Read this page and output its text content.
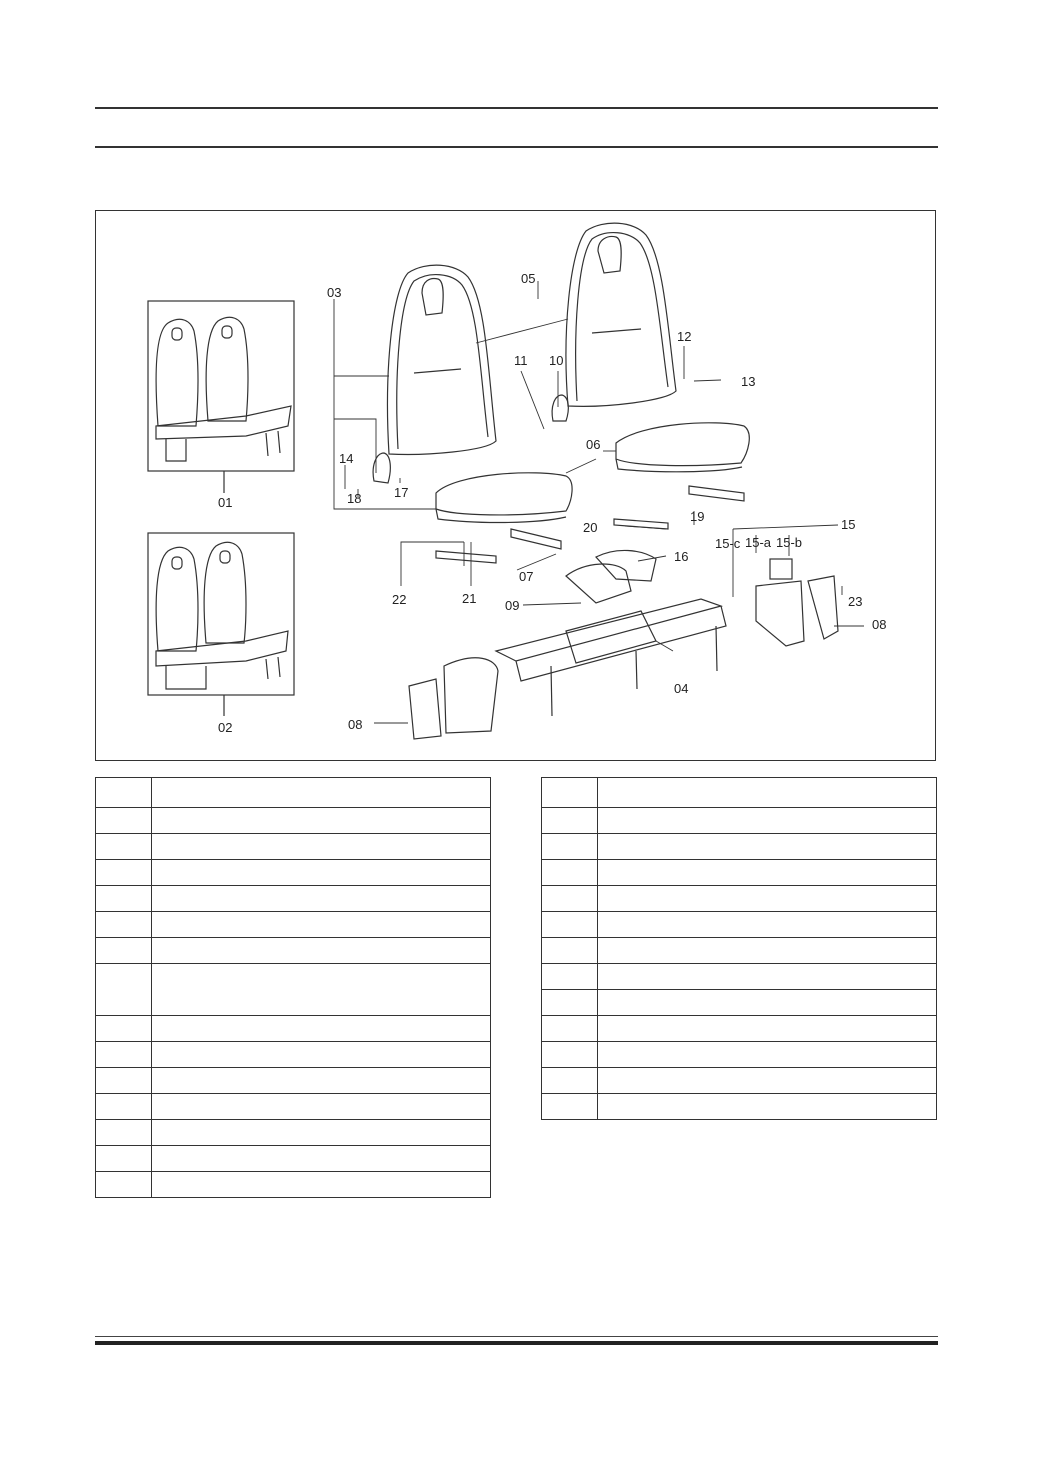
01
02
03
04
05
06
07
08
08
09
10
11
12
13
14
15
15-a 15-b
15-c
16
17
18
19
20
21
22	23
